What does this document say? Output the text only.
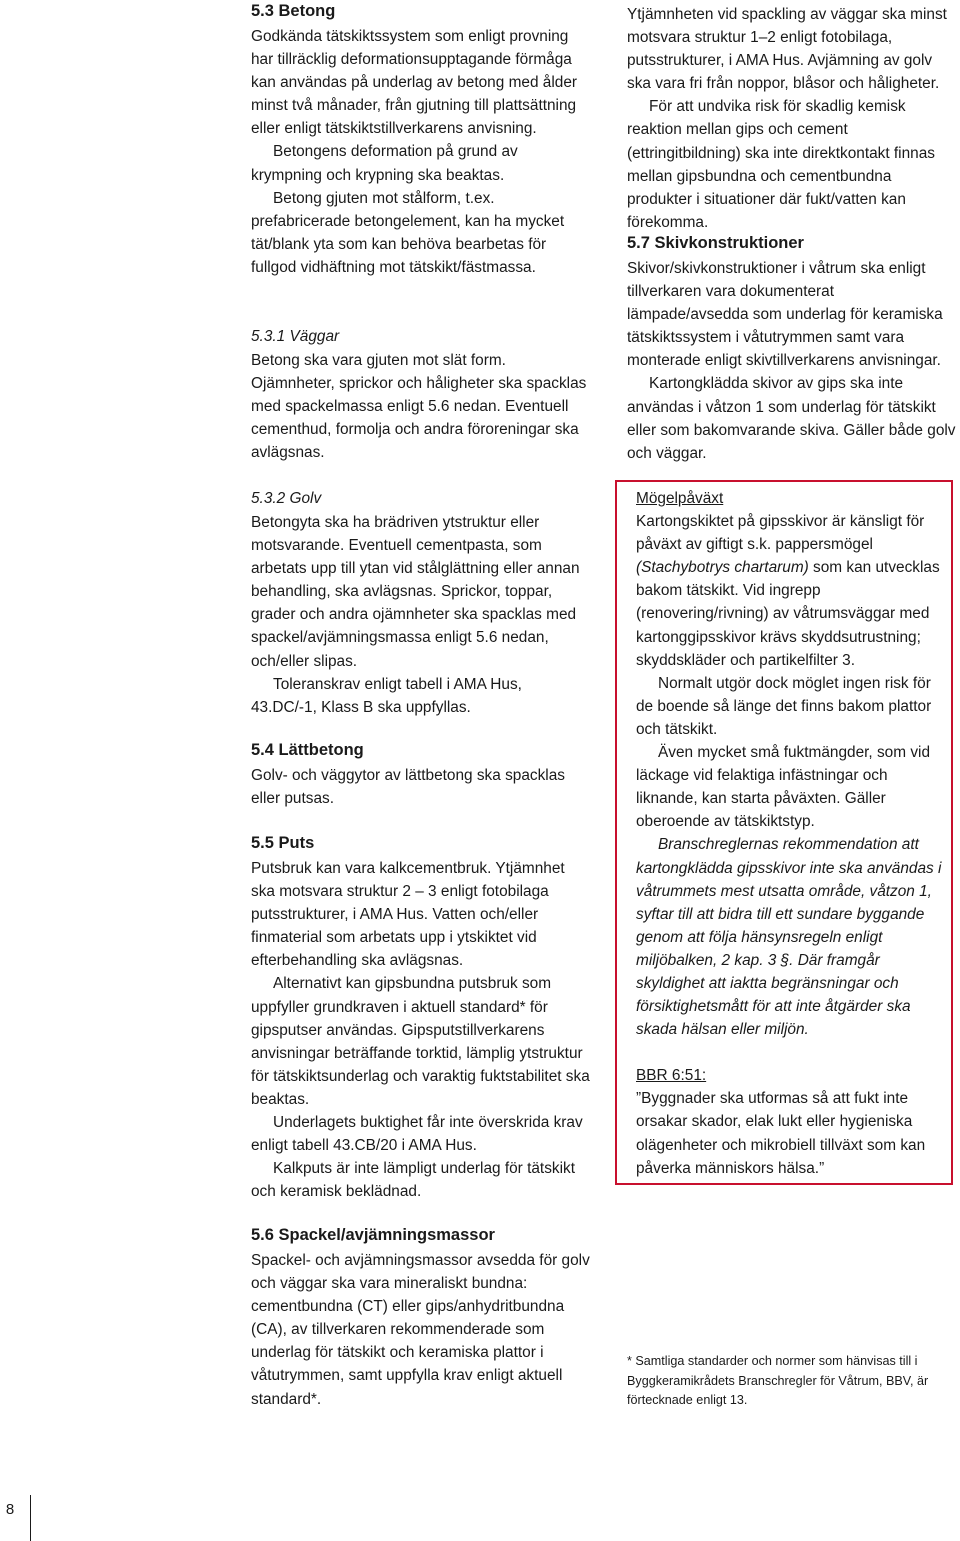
5.3 Betong

Godkända tätskiktssystem som enligt provning har tillräcklig deformationsupptagande förmåga kan användas på underlag av betong med ålder minst två månader, från gjutning till plattsättning eller enligt tätskiktstillverkarens anvisning.

Betongens deformation på grund av krympning och krypning ska beaktas.

Betong gjuten mot stålform, t.ex. prefabricerade betongelement, kan ha mycket tät/blank yta som kan behöva bearbetas för fullgod vidhäftning mot tätskikt/fästmassa.

5.3.1 Väggar

Betong ska vara gjuten mot slät form. Ojämnheter, sprickor och håligheter ska spacklas med spackelmassa enligt 5.6 nedan. Eventuell cementhud, formolja och andra föroreningar ska avlägsnas.

5.3.2 Golv

Betongyta ska ha brädriven ytstruktur eller motsvarande. Eventuell cementpasta, som arbetats upp till ytan vid stålglättning eller annan behandling, ska avlägsnas. Sprickor, toppar, grader och andra ojämnheter ska spacklas med spackel/avjämningsmassa enligt 5.6 nedan, och/eller slipas.

Toleranskrav enligt tabell i AMA Hus, 43.DC/-1, Klass B ska uppfyllas.

5.4 Lättbetong

Golv- och väggytor av lättbetong ska spacklas eller putsas.

5.5 Puts

Putsbruk kan vara kalkcementbruk. Ytjämnhet ska motsvara struktur 2 – 3 enligt fotobilaga putsstrukturer, i AMA Hus. Vatten och/eller finmaterial som arbetats upp i ytskiktet vid efterbehandling ska avlägsnas.

Alternativt kan gipsbundna putsbruk som uppfyller grundkraven i aktuell standard* för gipsputser användas. Gipsputstillverkarens anvisningar beträffande torktid, lämplig ytstruktur för tätskiktsunderlag och varaktig fuktstabilitet ska beaktas.

Underlagets buktighet får inte överskrida krav enligt tabell 43.CB/20 i AMA Hus.

Kalkputs är inte lämpligt underlag för tätskikt och keramisk beklädnad.

5.6 Spackel/avjämningsmassor

Spackel- och avjämningsmassor avsedda för golv och väggar ska vara mineraliskt bundna: cementbundna (CT) eller gips/anhydritbundna (CA), av tillverkaren rekommenderade som underlag för tätskikt och keramiska plattor i våtutrymmen, samt uppfylla krav enligt aktuell standard*.

Ytjämnheten vid spackling av väggar ska minst motsvara struktur 1–2 enligt fotobilaga, putsstrukturer, i AMA Hus. Avjämning av golv ska vara fri från noppor, blåsor och håligheter.

För att undvika risk för skadlig kemisk reaktion mellan gips och cement (ettringitbildning) ska inte direktkontakt finnas mellan gipsbundna och cementbundna produkter i situationer där fukt/vatten kan förekomma.

5.7 Skivkonstruktioner

Skivor/skivkonstruktioner i våtrum ska enligt tillverkaren vara dokumenterat lämpade/avsedda som underlag för keramiska tätskiktssystem i våtutrymmen samt vara monterade enligt skivtillverkarens anvisningar.

Kartongklädda skivor av gips ska inte användas i våtzon 1 som underlag för tätskikt eller som bakomvarande skiva. Gäller både golv och väggar.

Mögelpåväxt

Kartongskiktet på gipsskivor är känsligt för påväxt av giftigt s.k. pappersmögel (Stachybotrys chartarum) som kan utvecklas bakom tätskikt. Vid ingrepp (renovering/rivning) av våtrumsväggar med kartonggipsskivor krävs skyddsutrustning; skyddskläder och partikelfilter 3.

Normalt utgör dock möglet ingen risk för de boende så länge det finns bakom plattor och tätskikt.

Även mycket små fuktmängder, som vid läckage vid felaktiga infästningar och liknande, kan starta påväxten. Gäller oberoende av tätskiktstyp.

Branschreglernas rekommendation att kartongklädda gipsskivor inte ska användas i våtrummets mest utsatta område, våtzon 1, syftar till att bidra till ett sundare byggande genom att följa hänsynsregeln enligt miljöbalken, 2 kap. 3 §. Där framgår skyldighet att iaktta begränsningar och försiktighetsmått för att inte åtgärder ska skada hälsan eller miljön.

BBR 6:51:

”Byggnader ska utformas så att fukt inte orsakar skador, elak lukt eller hygieniska olägenheter och mikrobiell tillväxt som kan påverka människors hälsa.”

* Samtliga standarder och normer som hänvisas till i Byggkeramikrådets Branschregler för Våtrum, BBV, är förtecknade enligt 13.

8
